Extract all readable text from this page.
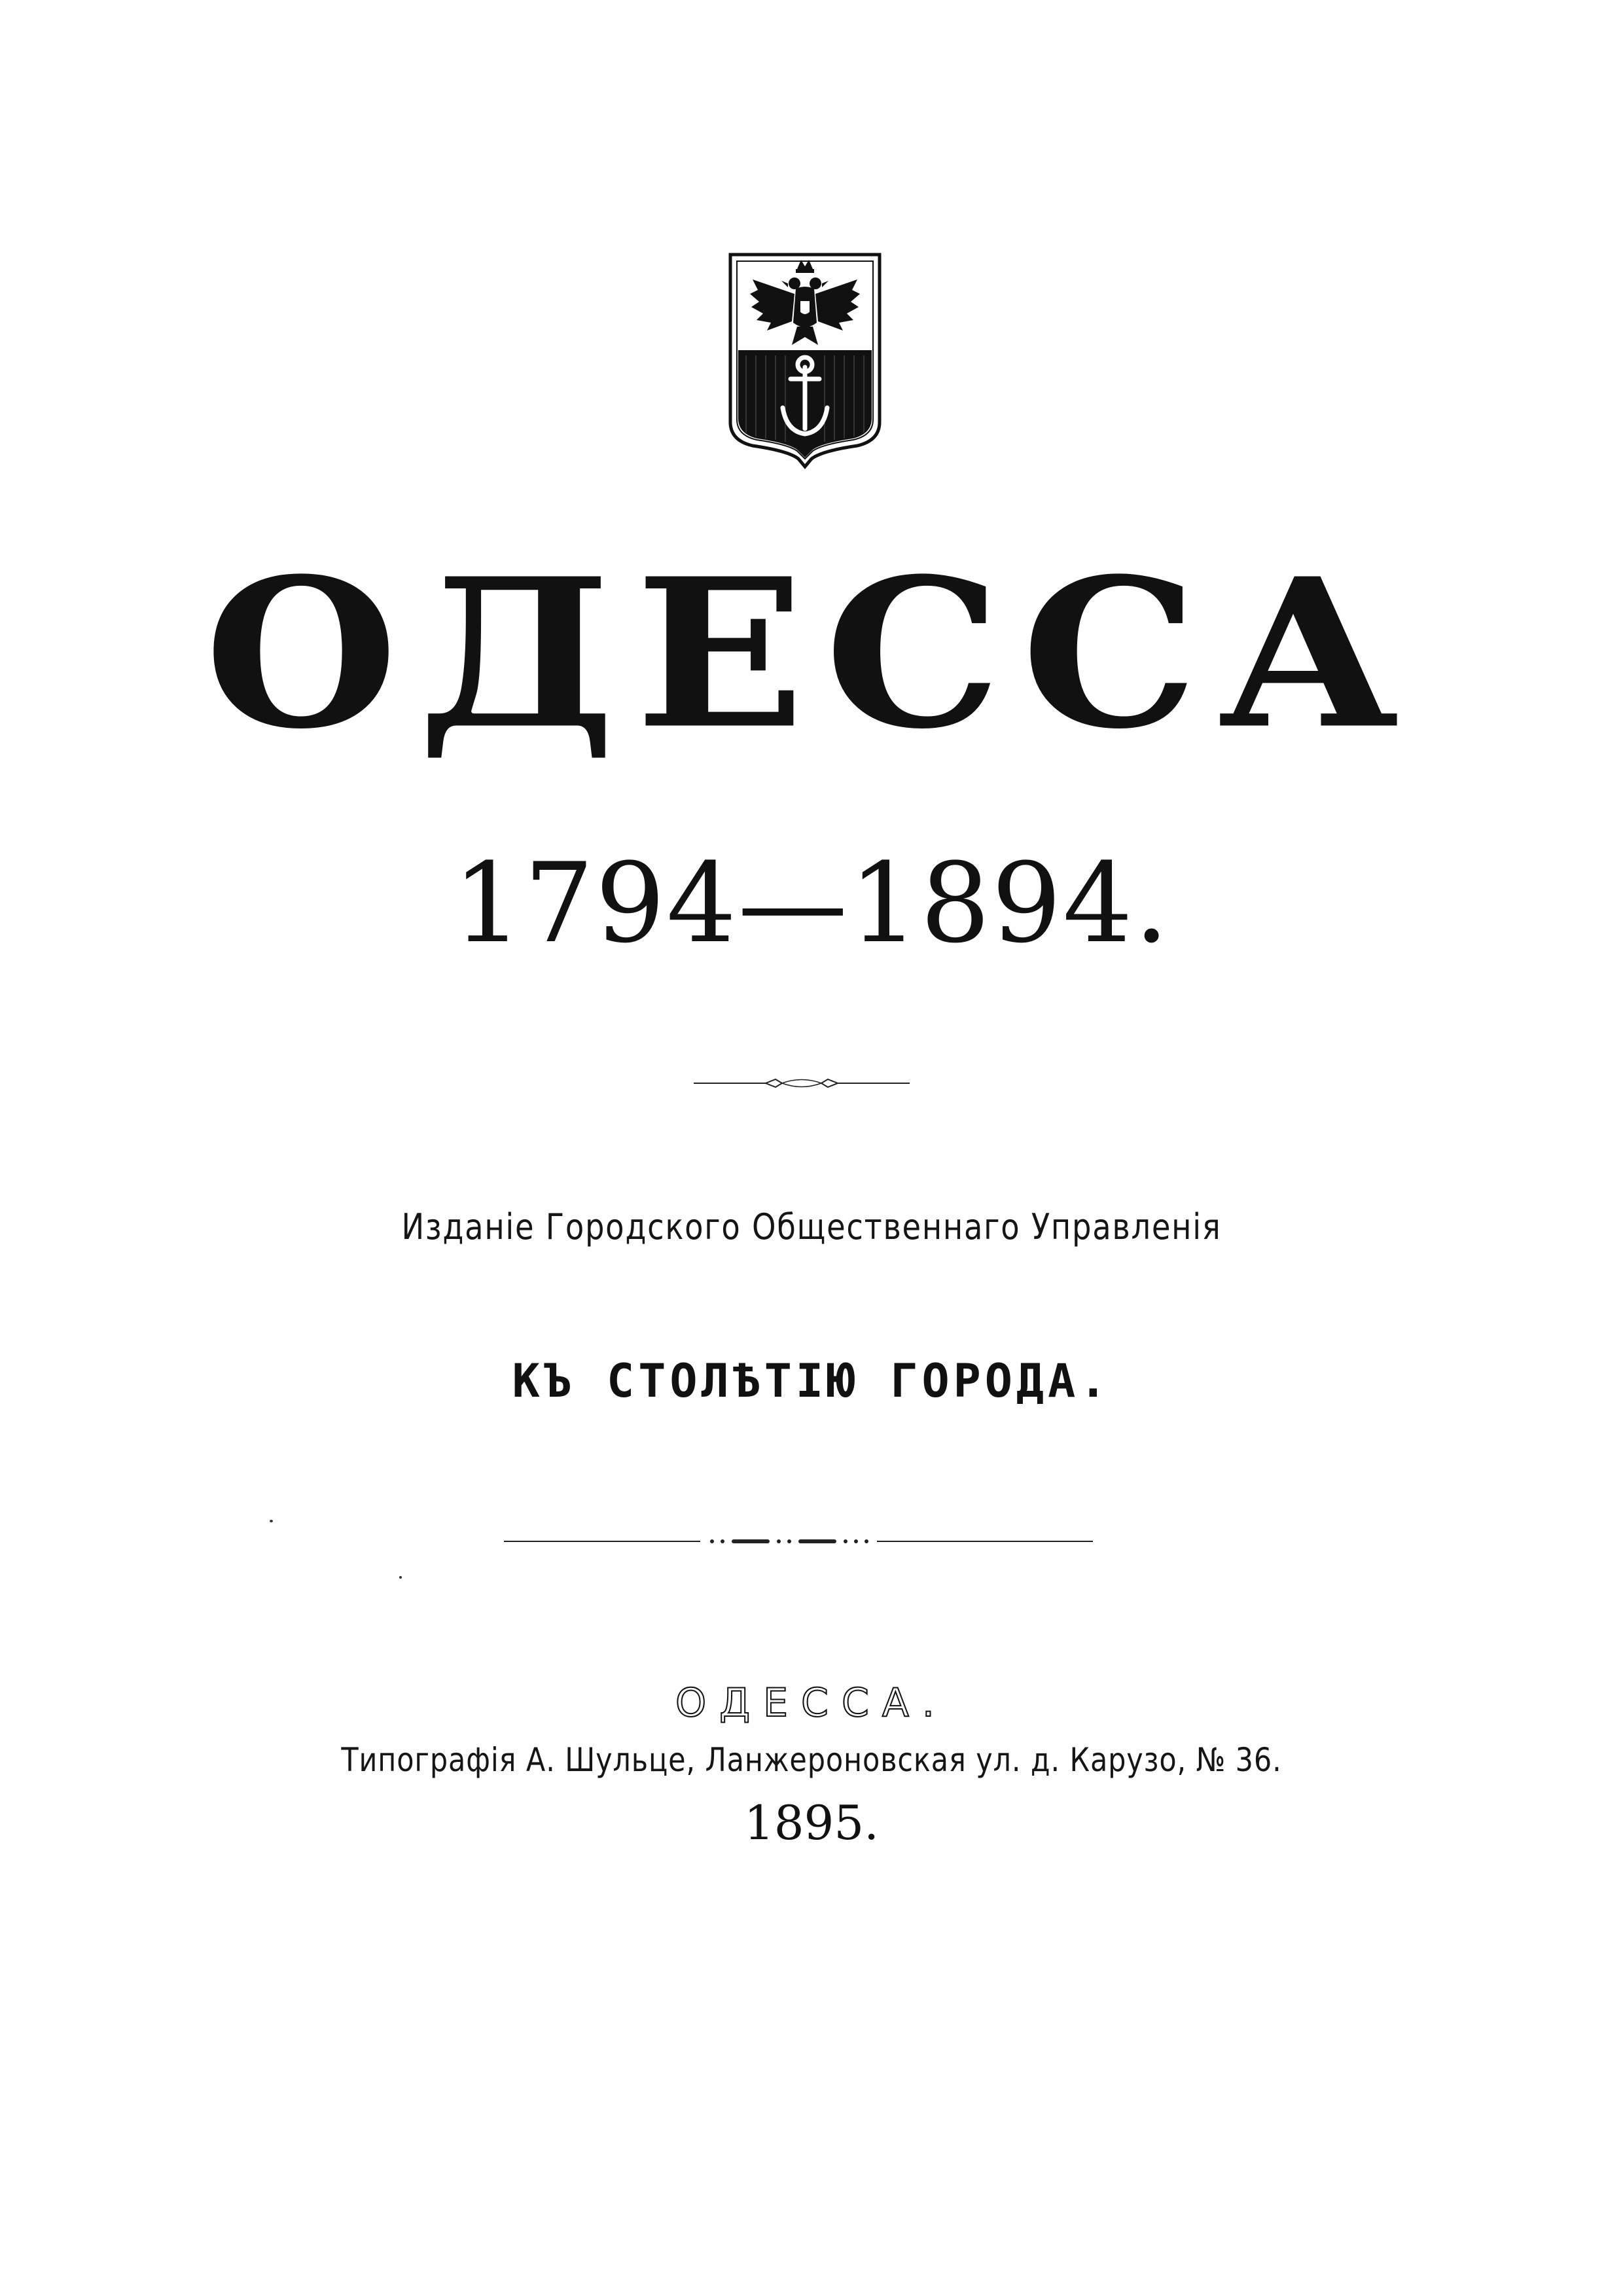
ОДЕССА
1794—1894.
Изданіе Городского Общественнаго Управленія
КЪ СТОЛѢТІЮ ГОРОДА.
ОДЕССА.
Типографія А. Шульце, Ланжероновская ул. д. Карузо, № 36.
1895.
